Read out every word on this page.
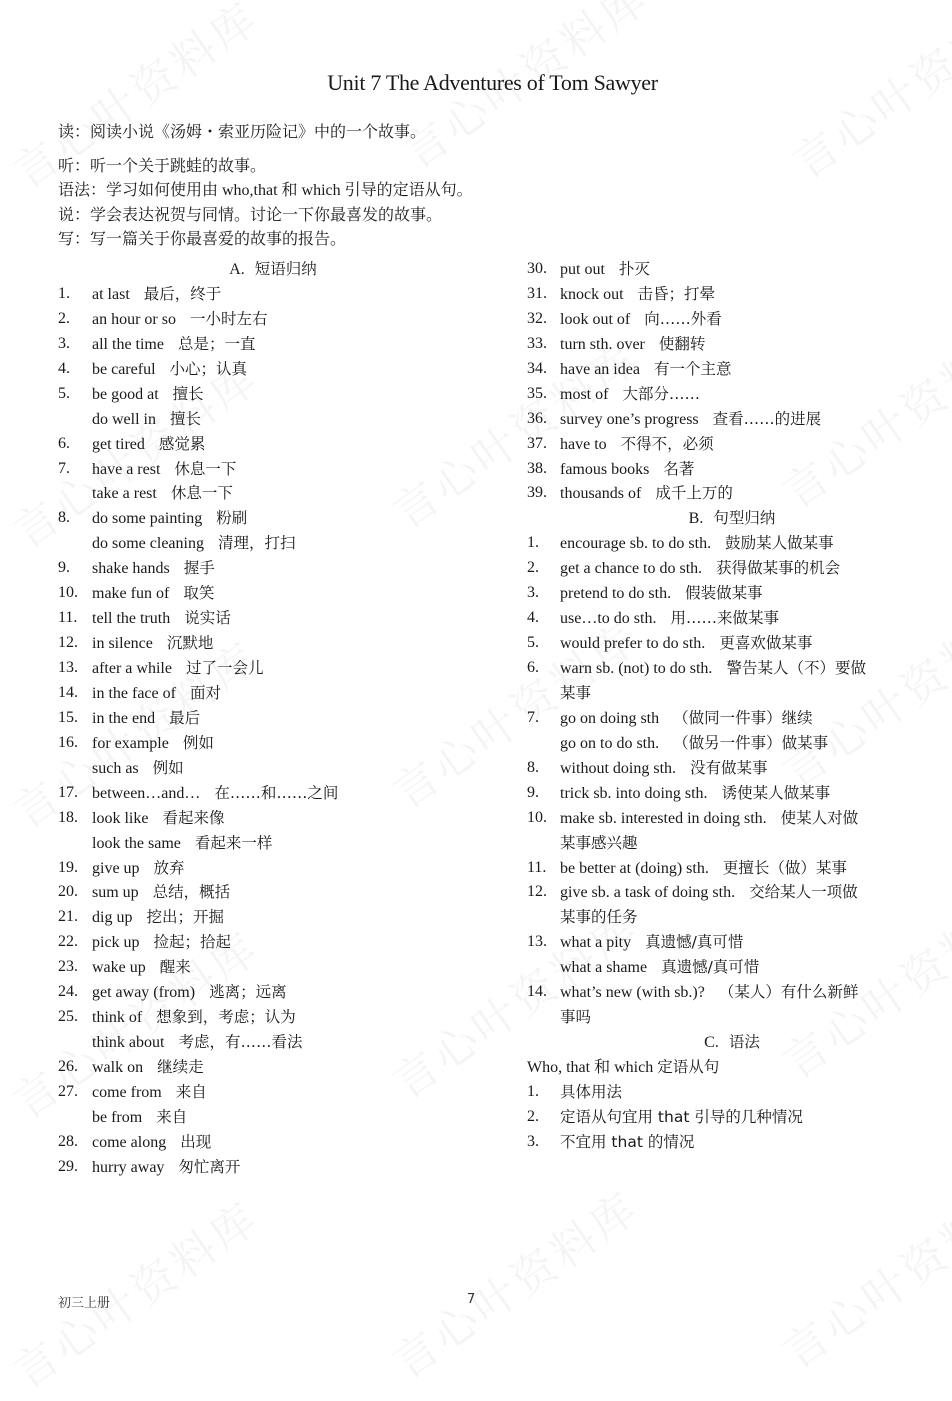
Unit 7 The Adventures of Tom Sawyer
读：阅读小说《汤姆・索亚历险记》中的一个故事。
听：听一个关于跳蛙的故事。
语法：学习如何使用由 who,that 和 which 引导的定语从句。
说：学会表达祝贺与同情。讨论一下你最喜发的故事。
写：写一篇关于你最喜爱的故事的报告。
A. 短语归纳
1. at last 最后，终于
2. an hour or so 一小时左右
3. all the time 总是；一直
4. be careful 小心；认真
5. be good at 擅长
do well in 擅长
6. get tired 感觉累
7. have a rest 休息一下
take a rest 休息一下
8. do some painting 粉刷
do some cleaning 清理，打扫
9. shake hands 握手
10. make fun of 取笑
11. tell the truth 说实话
12. in silence 沉默地
13. after a while 过了一会儿
14. in the face of 面对
15. in the end 最后
16. for example 例如
such as 例如
17. between…and… 在……和……之间
18. look like 看起来像
look the same 看起来一样
19. give up 放弃
20. sum up 总结，概括
21. dig up 挖出；开掘
22. pick up 捡起；拾起
23. wake up 醒来
24. get away (from) 逃离；远离
25. think of 想象到，考虑；认为
think about 考虑，有……看法
26. walk on 继续走
27. come from 来自
be from 来自
28. come along 出现
29. hurry away 匆忙离开
30. put out 扑灭
31. knock out 击昏；打晕
32. look out of 向……外看
33. turn sth. over 使翻转
34. have an idea 有一个主意
35. most of 大部分……
36. survey one’s progress 查看……的进展
37. have to 不得不，必须
38. famous books 名著
39. thousands of 成千上万的
B. 句型归纳
1. encourage sb. to do sth. 鼓励某人做某事
2. get a chance to do sth. 获得做某事的机会
3. pretend to do sth. 假装做某事
4. use…to do sth. 用……来做某事
5. would prefer to do sth. 更喜欢做某事
6. warn sb. (not) to do sth. 警告某人（不）要做
某事
7. go on doing sth （做同一件事）继续
go on to do sth. （做另一件事）做某事
8. without doing sth. 没有做某事
9. trick sb. into doing sth. 诱使某人做某事
10. make sb. interested in doing sth. 使某人对做
某事感兴趣
11. be better at (doing) sth. 更擅长（做）某事
12. give sb. a task of doing sth. 交给某人一项做
某事的任务
13. what a pity 真遗憾/真可惜
what a shame 真遗憾/真可惜
14. what’s new (with sb.)? （某人）有什么新鲜
事吗
C. 语法
Who, that 和 which 定语从句
1. 具体用法
2. 定语从句宜用 that 引导的几种情况
3. 不宜用 that 的情况
初三上册	7
